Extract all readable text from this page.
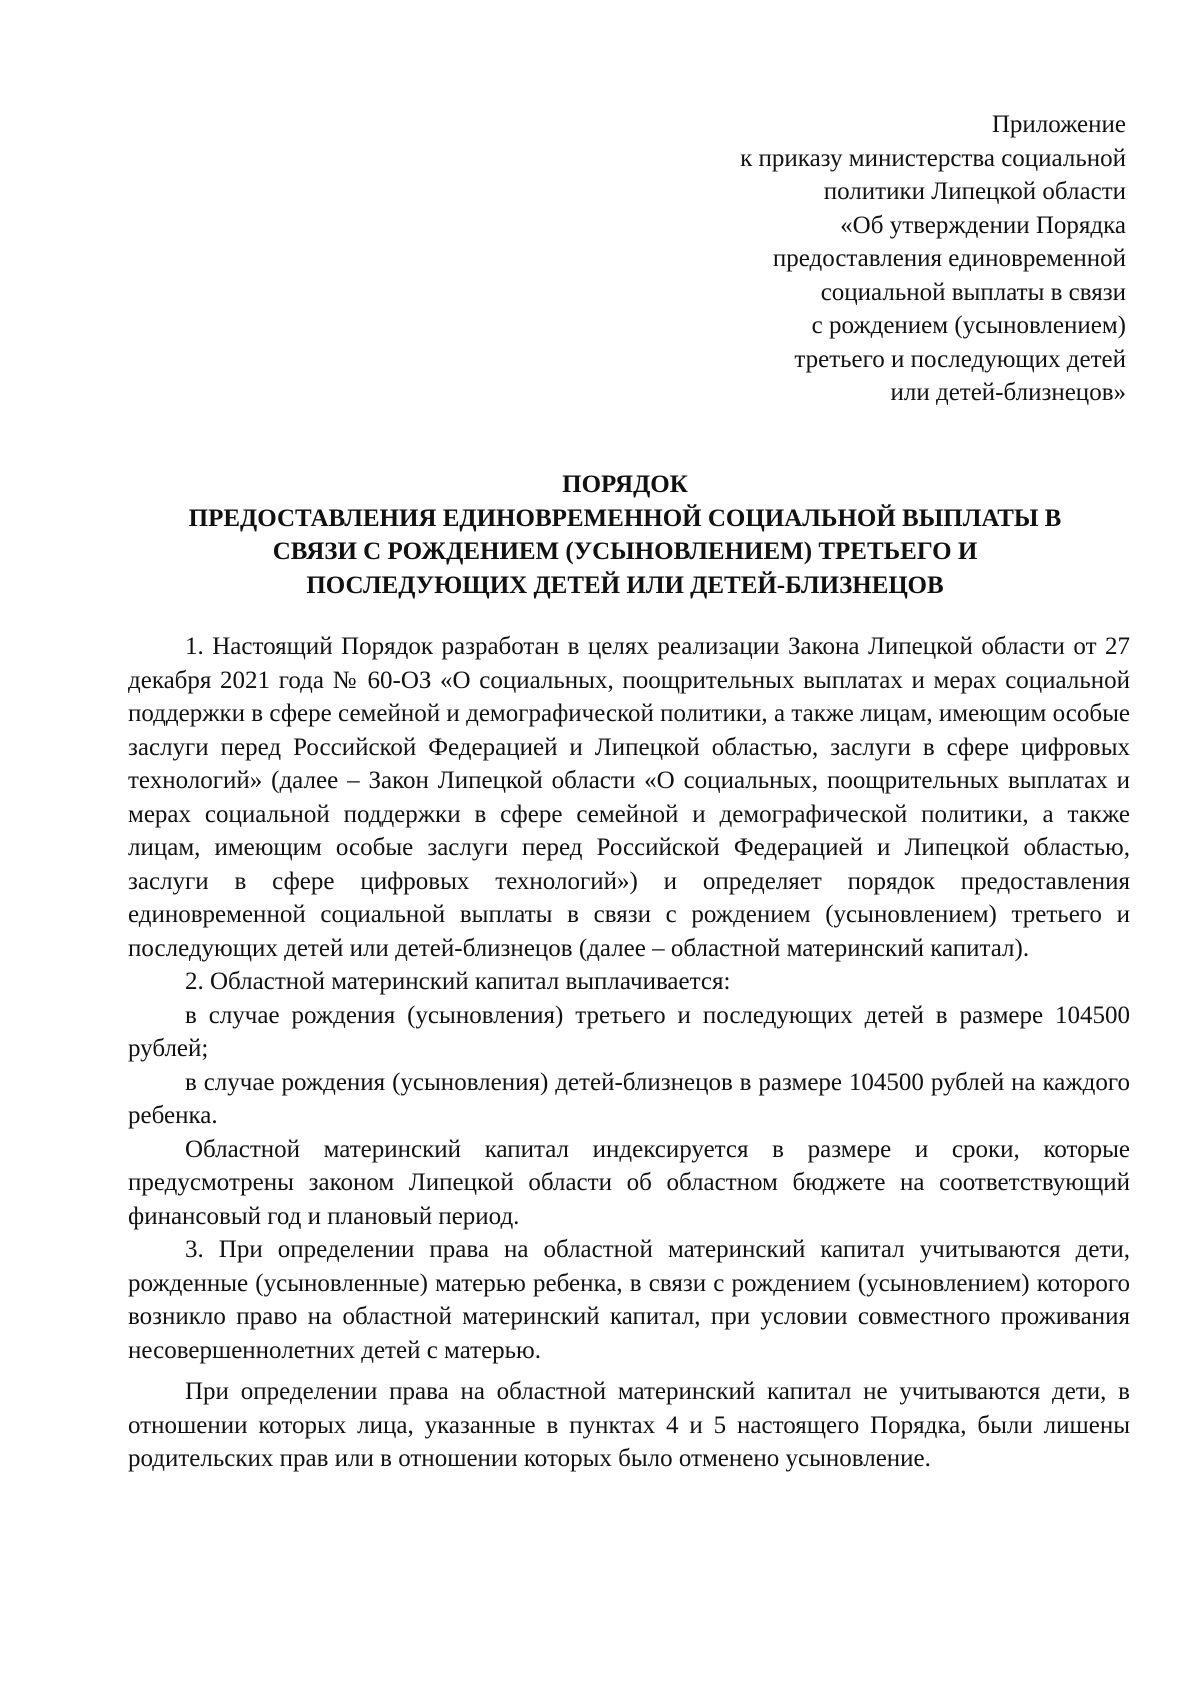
Приложение
к приказу министерства социальной
политики Липецкой области
«Об утверждении Порядка
предоставления единовременной
социальной выплаты в связи
с рождением (усыновлением)
третьего и последующих детей
или детей-близнецов»
ПОРЯДОК
ПРЕДОСТАВЛЕНИЯ ЕДИНОВРЕМЕННОЙ СОЦИАЛЬНОЙ ВЫПЛАТЫ В
СВЯЗИ С РОЖДЕНИЕМ (УСЫНОВЛЕНИЕМ) ТРЕТЬЕГО И
ПОСЛЕДУЮЩИХ ДЕТЕЙ ИЛИ ДЕТЕЙ-БЛИЗНЕЦОВ

1. Настоящий Порядок разработан в целях реализации Закона Липецкой области от 27 декабря 2021 года № 60-ОЗ «О социальных, поощрительных выплатах и мерах социальной поддержки в сфере семейной и демографической политики, а также лицам, имеющим особые заслуги перед Российской Федерацией и Липецкой областью, заслуги в сфере цифровых технологий» (далее – Закон Липецкой области «О социальных, поощрительных выплатах и мерах социальной поддержки в сфере семейной и демографической политики, а также лицам, имеющим особые заслуги перед Российской Федерацией и Липецкой областью, заслуги в сфере цифровых технологий») и определяет порядок предоставления единовременной социальной выплаты в связи с рождением (усыновлением) третьего и последующих детей или детей-близнецов (далее – областной материнский капитал).

2. Областной материнский капитал выплачивается:

в случае рождения (усыновления) третьего и последующих детей в размере 104500 рублей;

в случае рождения (усыновления) детей-близнецов в размере 104500 рублей на каждого ребенка.

Областной материнский капитал индексируется в размере и сроки, которые предусмотрены законом Липецкой области об областном бюджете на соответствующий финансовый год и плановый период.

3. При определении права на областной материнский капитал учитываются дети, рожденные (усыновленные) матерью ребенка, в связи с рождением (усыновлением) которого возникло право на областной материнский капитал, при условии совместного проживания несовершеннолетних детей с матерью.

При определении права на областной материнский капитал не учитываются дети, в отношении которых лица, указанные в пунктах 4 и 5 настоящего Порядка, были лишены родительских прав или в отношении которых было отменено усыновление.
